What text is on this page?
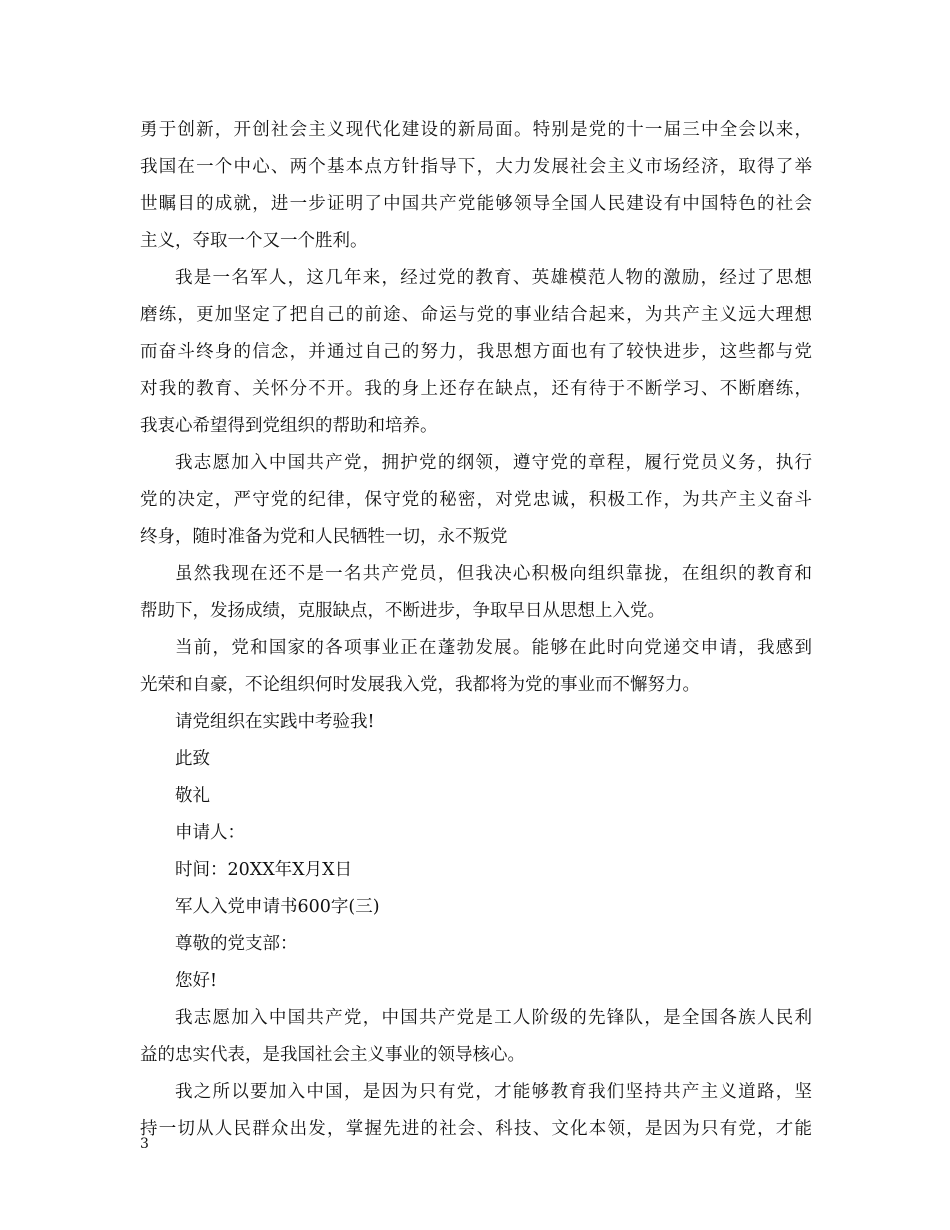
勇于创新，开创社会主义现代化建设的新局面。特别是党的十一届三中全会以来，
我国在一个中心、两个基本点方针指导下，大力发展社会主义市场经济，取得了举
世瞩目的成就，进一步证明了中国共产党能够领导全国人民建设有中国特色的社会
主义，夺取一个又一个胜利。
我是一名军人，这几年来，经过党的教育、英雄模范人物的激励，经过了思想
磨练，更加坚定了把自己的前途、命运与党的事业结合起来，为共产主义远大理想
而奋斗终身的信念，并通过自己的努力，我思想方面也有了较快进步，这些都与党
对我的教育、关怀分不开。我的身上还存在缺点，还有待于不断学习、不断磨练，
我衷心希望得到党组织的帮助和培养。
我志愿加入中国共产党，拥护党的纲领，遵守党的章程，履行党员义务，执行
党的决定，严守党的纪律，保守党的秘密，对党忠诚，积极工作，为共产主义奋斗
终身，随时准备为党和人民牺牲一切，永不叛党
虽然我现在还不是一名共产党员，但我决心积极向组织靠拢，在组织的教育和
帮助下，发扬成绩，克服缺点，不断进步，争取早日从思想上入党。
当前，党和国家的各项事业正在蓬勃发展。能够在此时向党递交申请，我感到
光荣和自豪，不论组织何时发展我入党，我都将为党的事业而不懈努力。
请党组织在实践中考验我!
此致
敬礼
申请人：
时间：20XX年X月X日
军人入党申请书600字(三)
尊敬的党支部：
您好!
我志愿加入中国共产党，中国共产党是工人阶级的先锋队，是全国各族人民利
益的忠实代表，是我国社会主义事业的领导核心。
我之所以要加入中国，是因为只有党，才能够教育我们坚持共产主义道路，坚
持一切从人民群众出发，掌握先进的社会、科技、文化本领，是因为只有党，才能
3
